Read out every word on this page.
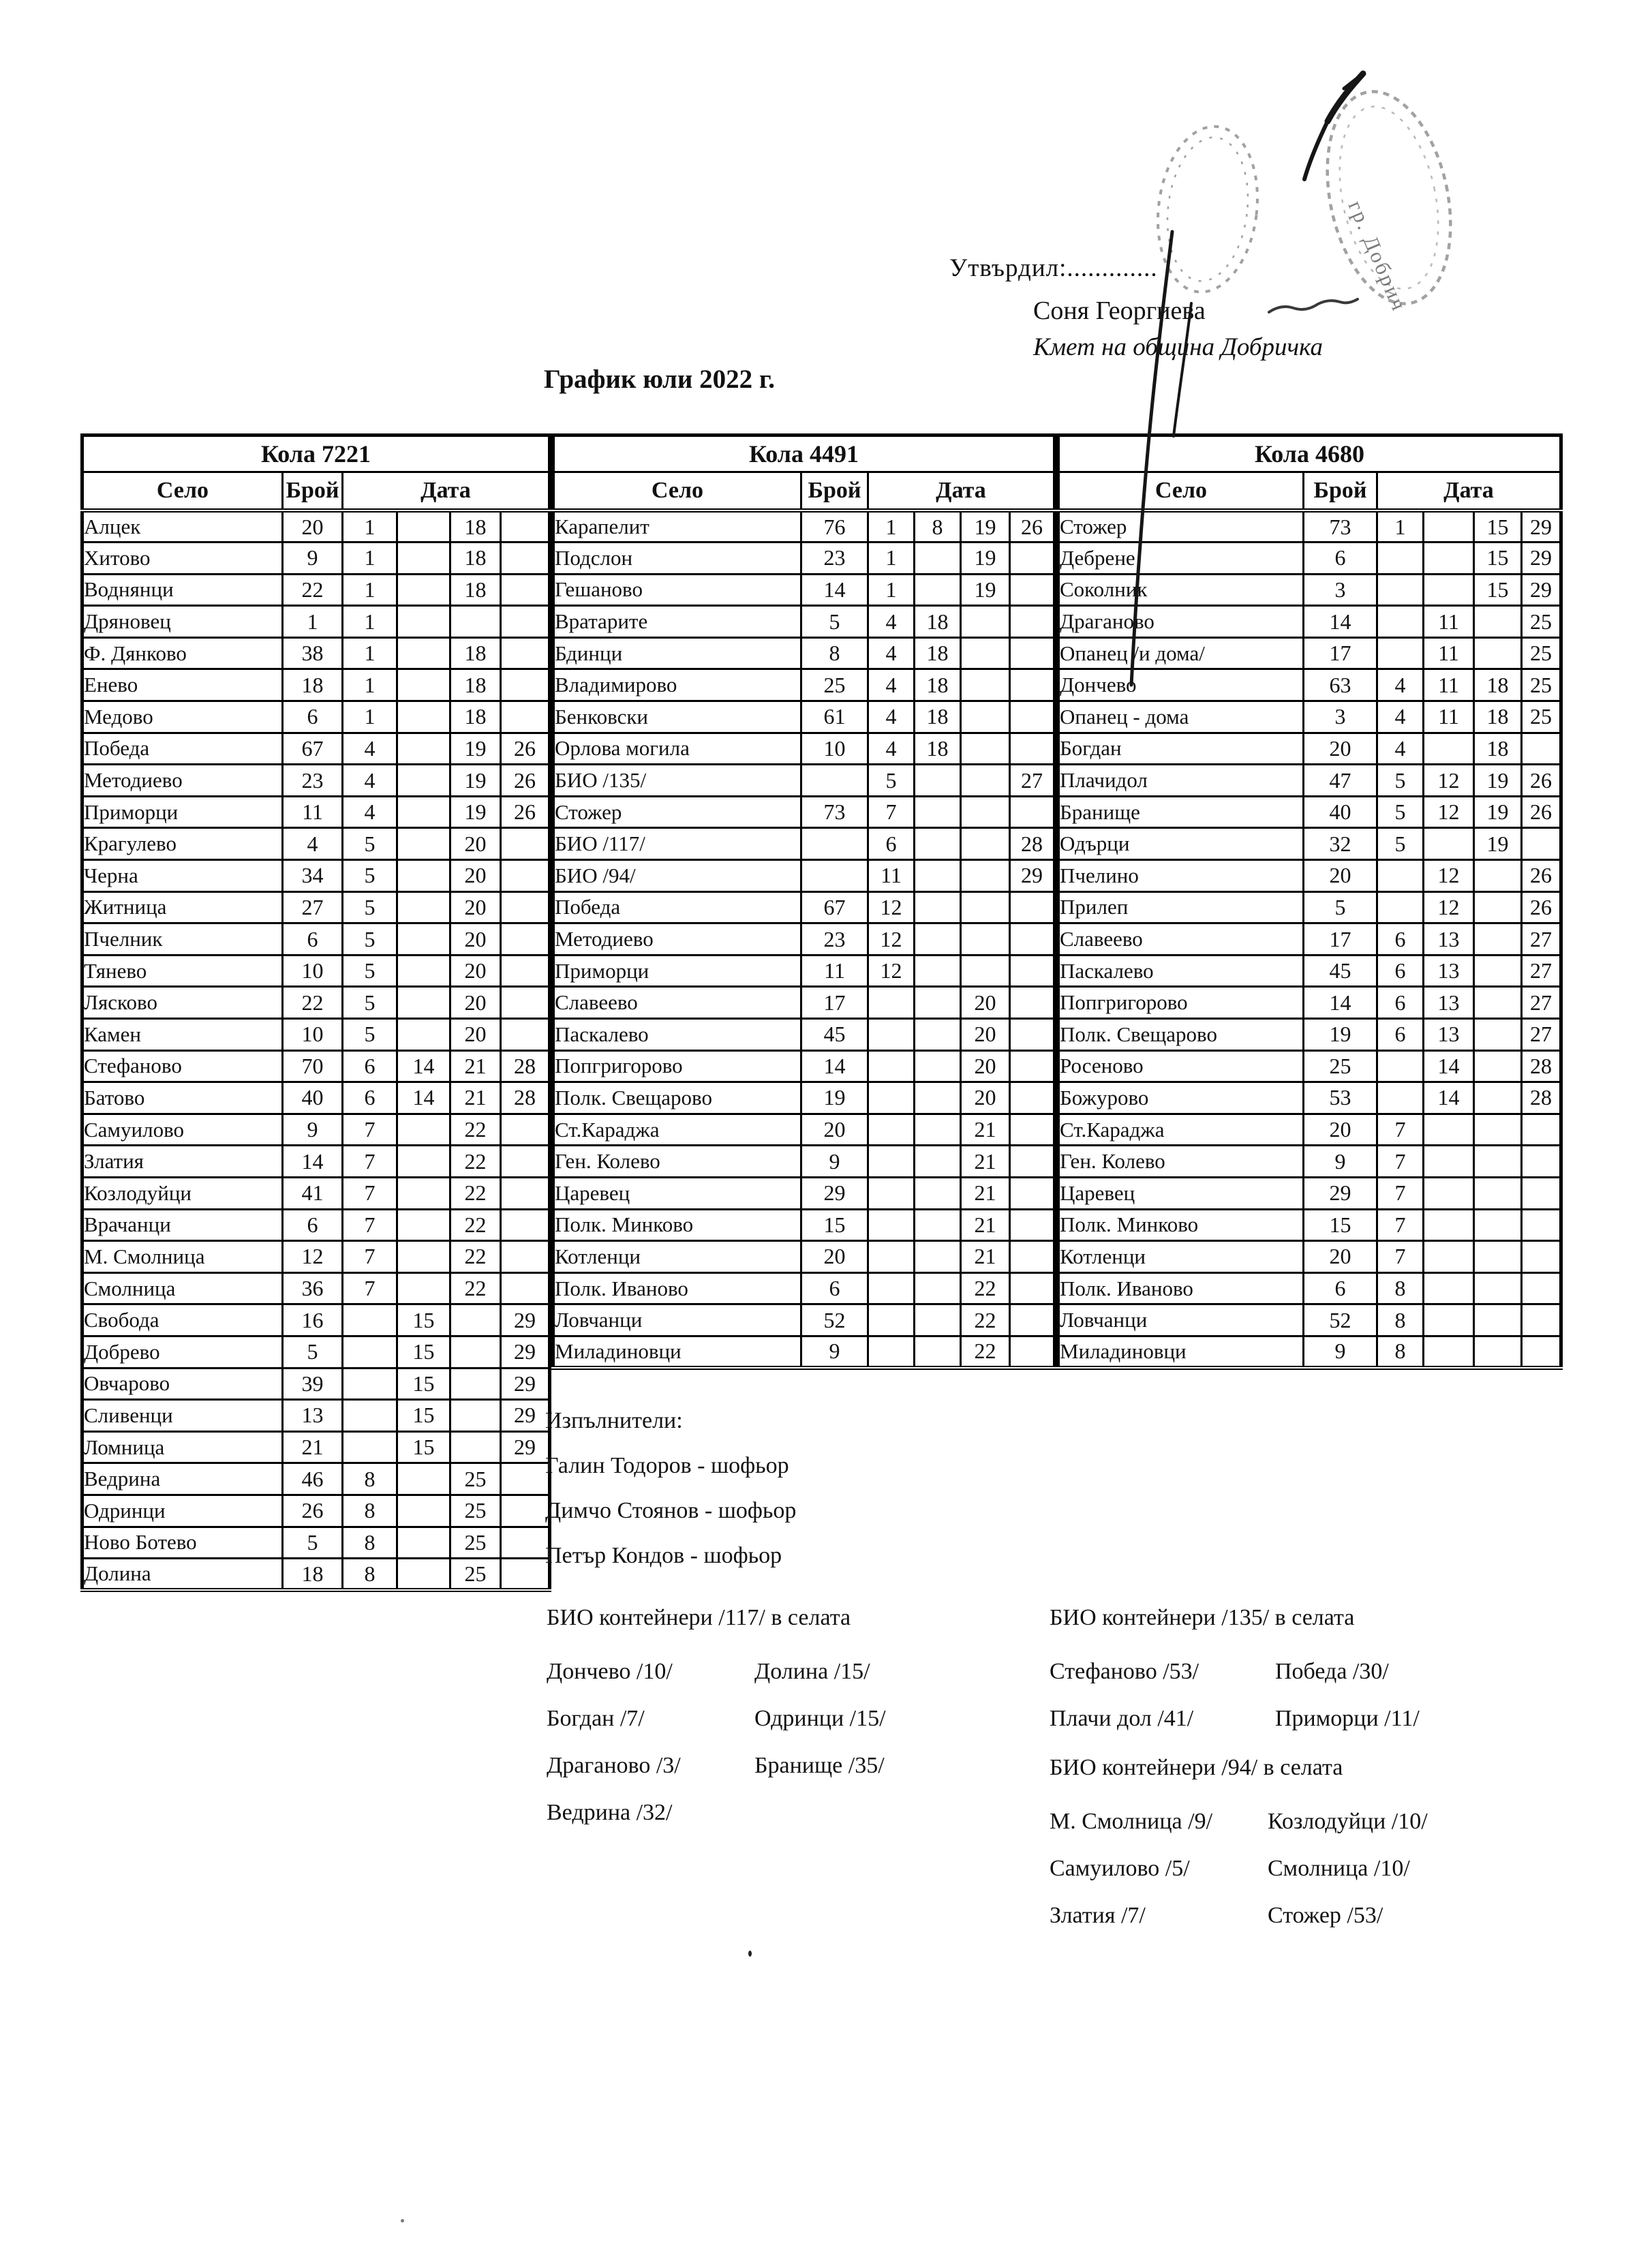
гр. Добрич
Утвърдил:.............
Соня Георгиева
Кмет на община Добричка
График юли 2022 г.
Кола 7221					
Село	Брой	Дата			
Алцек	20	1		18	
Хитово	9	1		18	
Воднянци	22	1		18	
Дряновец	1	1			
Ф. Дянково	38	1		18	
Енево	18	1		18	
Медово	6	1		18	
Победа	67	4		19	26
Методиево	23	4		19	26
Приморци	11	4		19	26
Крагулево	4	5		20	
Черна	34	5		20	
Житница	27	5		20	
Пчелник	6	5		20	
Тянево	10	5		20	
Лясково	22	5		20	
Камен	10	5		20	
Стефаново	70	6	14	21	28
Батово	40	6	14	21	28
Самуилово	9	7		22	
Златия	14	7		22	
Козлодуйци	41	7		22	
Врачанци	6	7		22	
М. Смолница	12	7		22	
Смолница	36	7		22	
Свобода	16		15		29
Добрево	5		15		29
Овчарово	39		15		29
Сливенци	13		15		29
Ломница	21		15		29
Ведрина	46	8		25	
Одринци	26	8		25	
Ново Ботево	5	8		25	
Долина	18	8		25	
Кола 4491					
Село	Брой	Дата			
Карапелит	76	1	8	19	26
Подслон	23	1		19	
Гешаново	14	1		19	
Вратарите	5	4	18		
Бдинци	8	4	18		
Владимирово	25	4	18		
Бенковски	61	4	18		
Орлова могила	10	4	18		
БИО /135/		5			27
Стожер	73	7			
БИО /117/		6			28
БИО /94/		11			29
Победа	67	12			
Методиево	23	12			
Приморци	11	12			
Славеево	17			20	
Паскалево	45			20	
Попгригорово	14			20	
Полк. Свещарово	19			20	
Ст.Караджа	20			21	
Ген. Колево	9			21	
Царевец	29			21	
Полк. Минково	15			21	
Котленци	20			21	
Полк. Иваново	6			22	
Ловчанци	52			22	
Миладиновци	9			22	
Кола 4680					
Село	Брой	Дата			
Стожер	73	1		15	29
Дебрене	6			15	29
Соколник	3			15	29
Драганово	14		11		25
Опанец /и дома/	17		11		25
Дончево	63	4	11	18	25
Опанец - дома	3	4	11	18	25
Богдан	20	4		18	
Плачидол	47	5	12	19	26
Бранище	40	5	12	19	26
Одърци	32	5		19	
Пчелино	20		12		26
Прилеп	5		12		26
Славеево	17	6	13		27
Паскалево	45	6	13		27
Попгригорово	14	6	13		27
Полк. Свещарово	19	6	13		27
Росеново	25		14		28
Божурово	53		14		28
Ст.Караджа	20	7			
Ген. Колево	9	7			
Царевец	29	7			
Полк. Минково	15	7			
Котленци	20	7			
Полк. Иваново	6	8			
Ловчанци	52	8			
Миладиновци	9	8			
Изпълнители:
Галин Тодоров - шофьор
Димчо Стоянов - шофьор
Петър Кондов - шофьор
БИО контейнери /117/ в селата
Дончево /10/
Богдан /7/
Драганово /3/
Ведрина /32/
Долина /15/
Одринци /15/
Бранище /35/
БИО контейнери /135/ в селата
Стефаново /53/
Плачи дол /41/
Победа /30/
Приморци /11/
БИО контейнери /94/ в селата
М. Смолница /9/
Самуилово /5/
Златия /7/
Козлодуйци /10/
Смолница /10/
Стожер /53/
